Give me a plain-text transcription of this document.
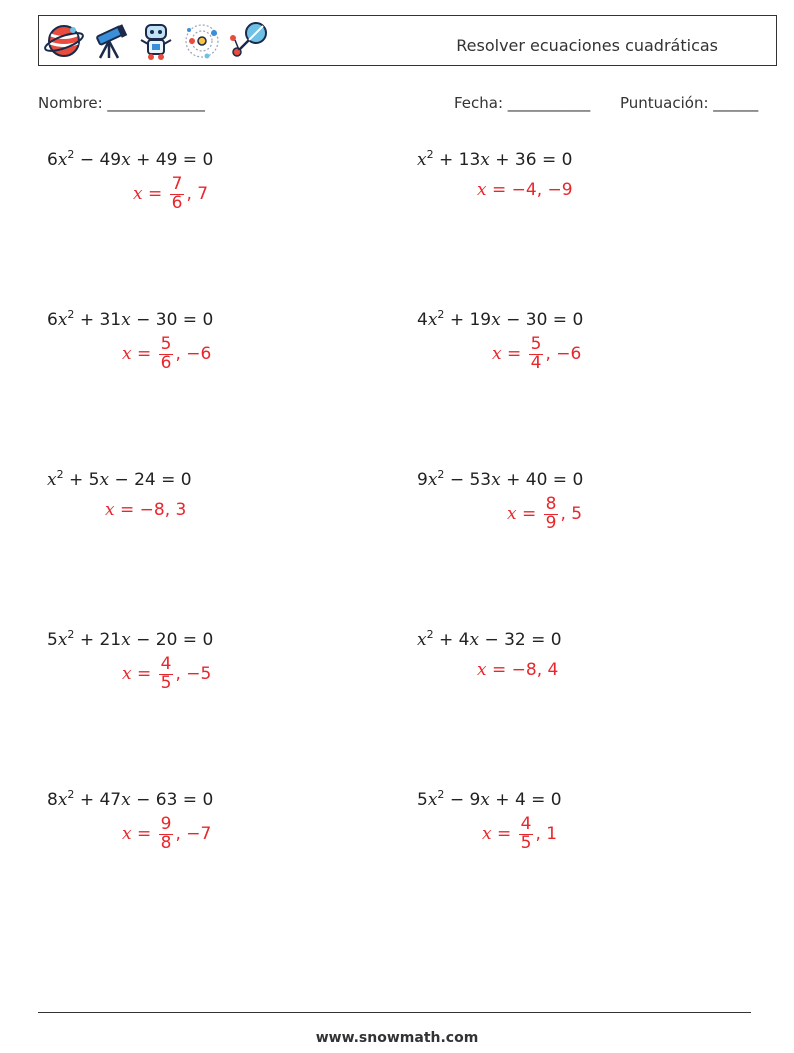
Resolver ecuaciones cuadráticas
Nombre: _____________	Fecha: ___________ Puntuación: ______
$6x^2 - 49x + 49 = 0$
$x = \frac{7}{6}$ , 7
$x^2 + 13x + 36 = 0$
x = −4 , −9
$6x^2 + 31x - 30 = 0$
$x = \frac{5}{6}$ , −6
$4x^2 + 19x - 30 = 0$
$x = \frac{5}{4}$ , −6
$x^2 + 5x - 24 = 0$
x = −8 , 3
$9x^2 - 53x + 40 = 0$
$x = \frac{8}{9}$ , 5
$5x^2 + 21x - 20 = 0$
$x = \frac{4}{5}$ , −5
$x^2 + 4x - 32 = 0$
x = −8 , 4
$8x^2 + 47x - 63 = 0$
$x = \frac{9}{8}$ , −7
$5x^2 - 9x + 4 = 0$
$x = \frac{4}{5}$ , 1
www.snowmath.com
